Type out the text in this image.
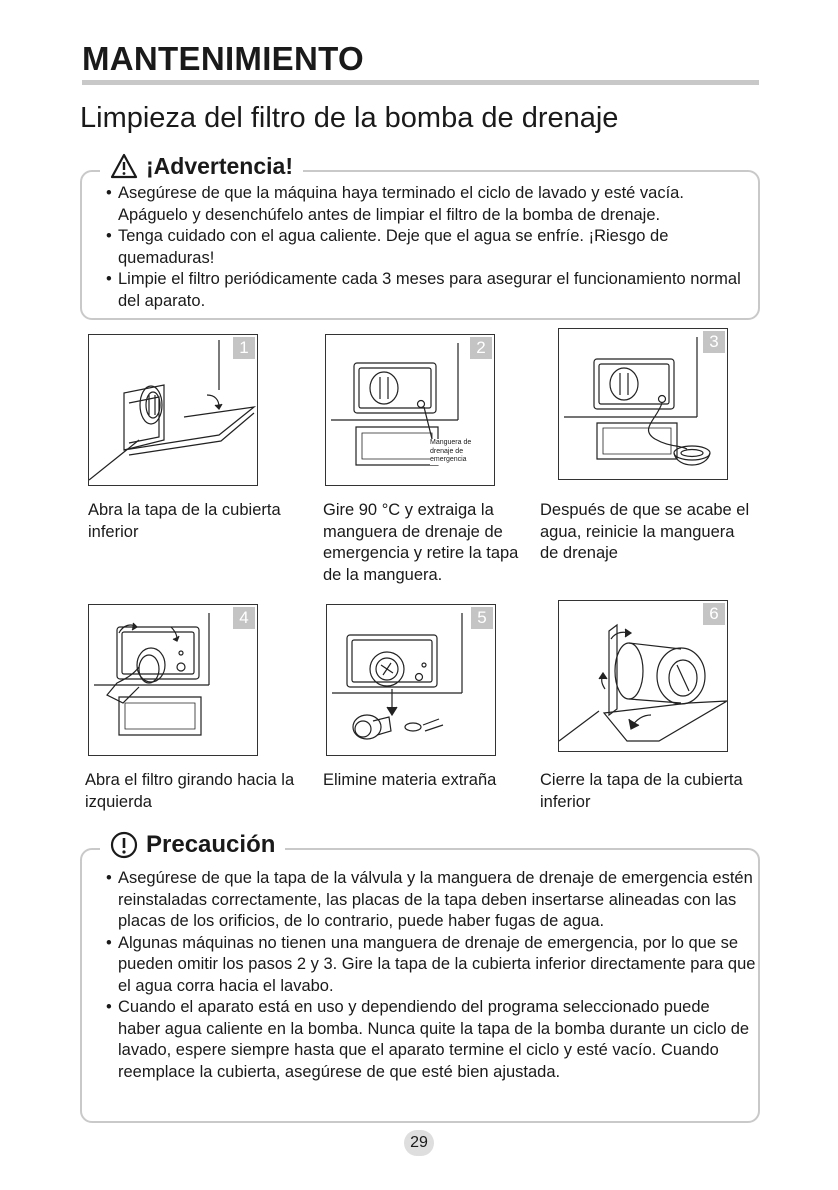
MANTENIMIENTO
Limpieza del filtro de la bomba de drenaje
¡Advertencia!
• Asegúrese de que la máquina haya terminado el ciclo de lavado y esté vacía. Apáguelo y desenchúfelo antes de limpiar el filtro de la bomba de drenaje.
• Tenga cuidado con el agua caliente. Deje que el agua se enfríe. ¡Riesgo de quemaduras!
• Limpie el filtro periódicamente cada 3 meses para asegurar el funcionamiento normal del aparato.
1
Abra la tapa de la cubierta inferior
Manguera de drenaje de emergencia
2
Gire 90 °C y extraiga la manguera de drenaje de emergencia y retire la tapa de la manguera.
3
Después de que se acabe el agua, reinicie la manguera de drenaje
4
Abra el filtro girando hacia la izquierda
5
Elimine materia extraña
6
Cierre la tapa de la cubierta inferior
Precaución
• Asegúrese de que la tapa de la válvula y la manguera de drenaje de emergencia estén reinstaladas correctamente, las placas de la tapa deben insertarse alineadas con las placas de los orificios, de lo contrario, puede haber fugas de agua.
• Algunas máquinas no tienen una manguera de drenaje de emergencia, por lo que se pueden omitir los pasos 2 y 3. Gire la tapa de la cubierta inferior directamente para que el agua corra hacia el lavabo.
• Cuando el aparato está en uso y dependiendo del programa seleccionado puede haber agua caliente en la bomba. Nunca quite la tapa de la bomba durante un ciclo de lavado, espere siempre hasta que el aparato termine el ciclo y esté vacío. Cuando reemplace la cubierta, asegúrese de que esté bien ajustada.
29
